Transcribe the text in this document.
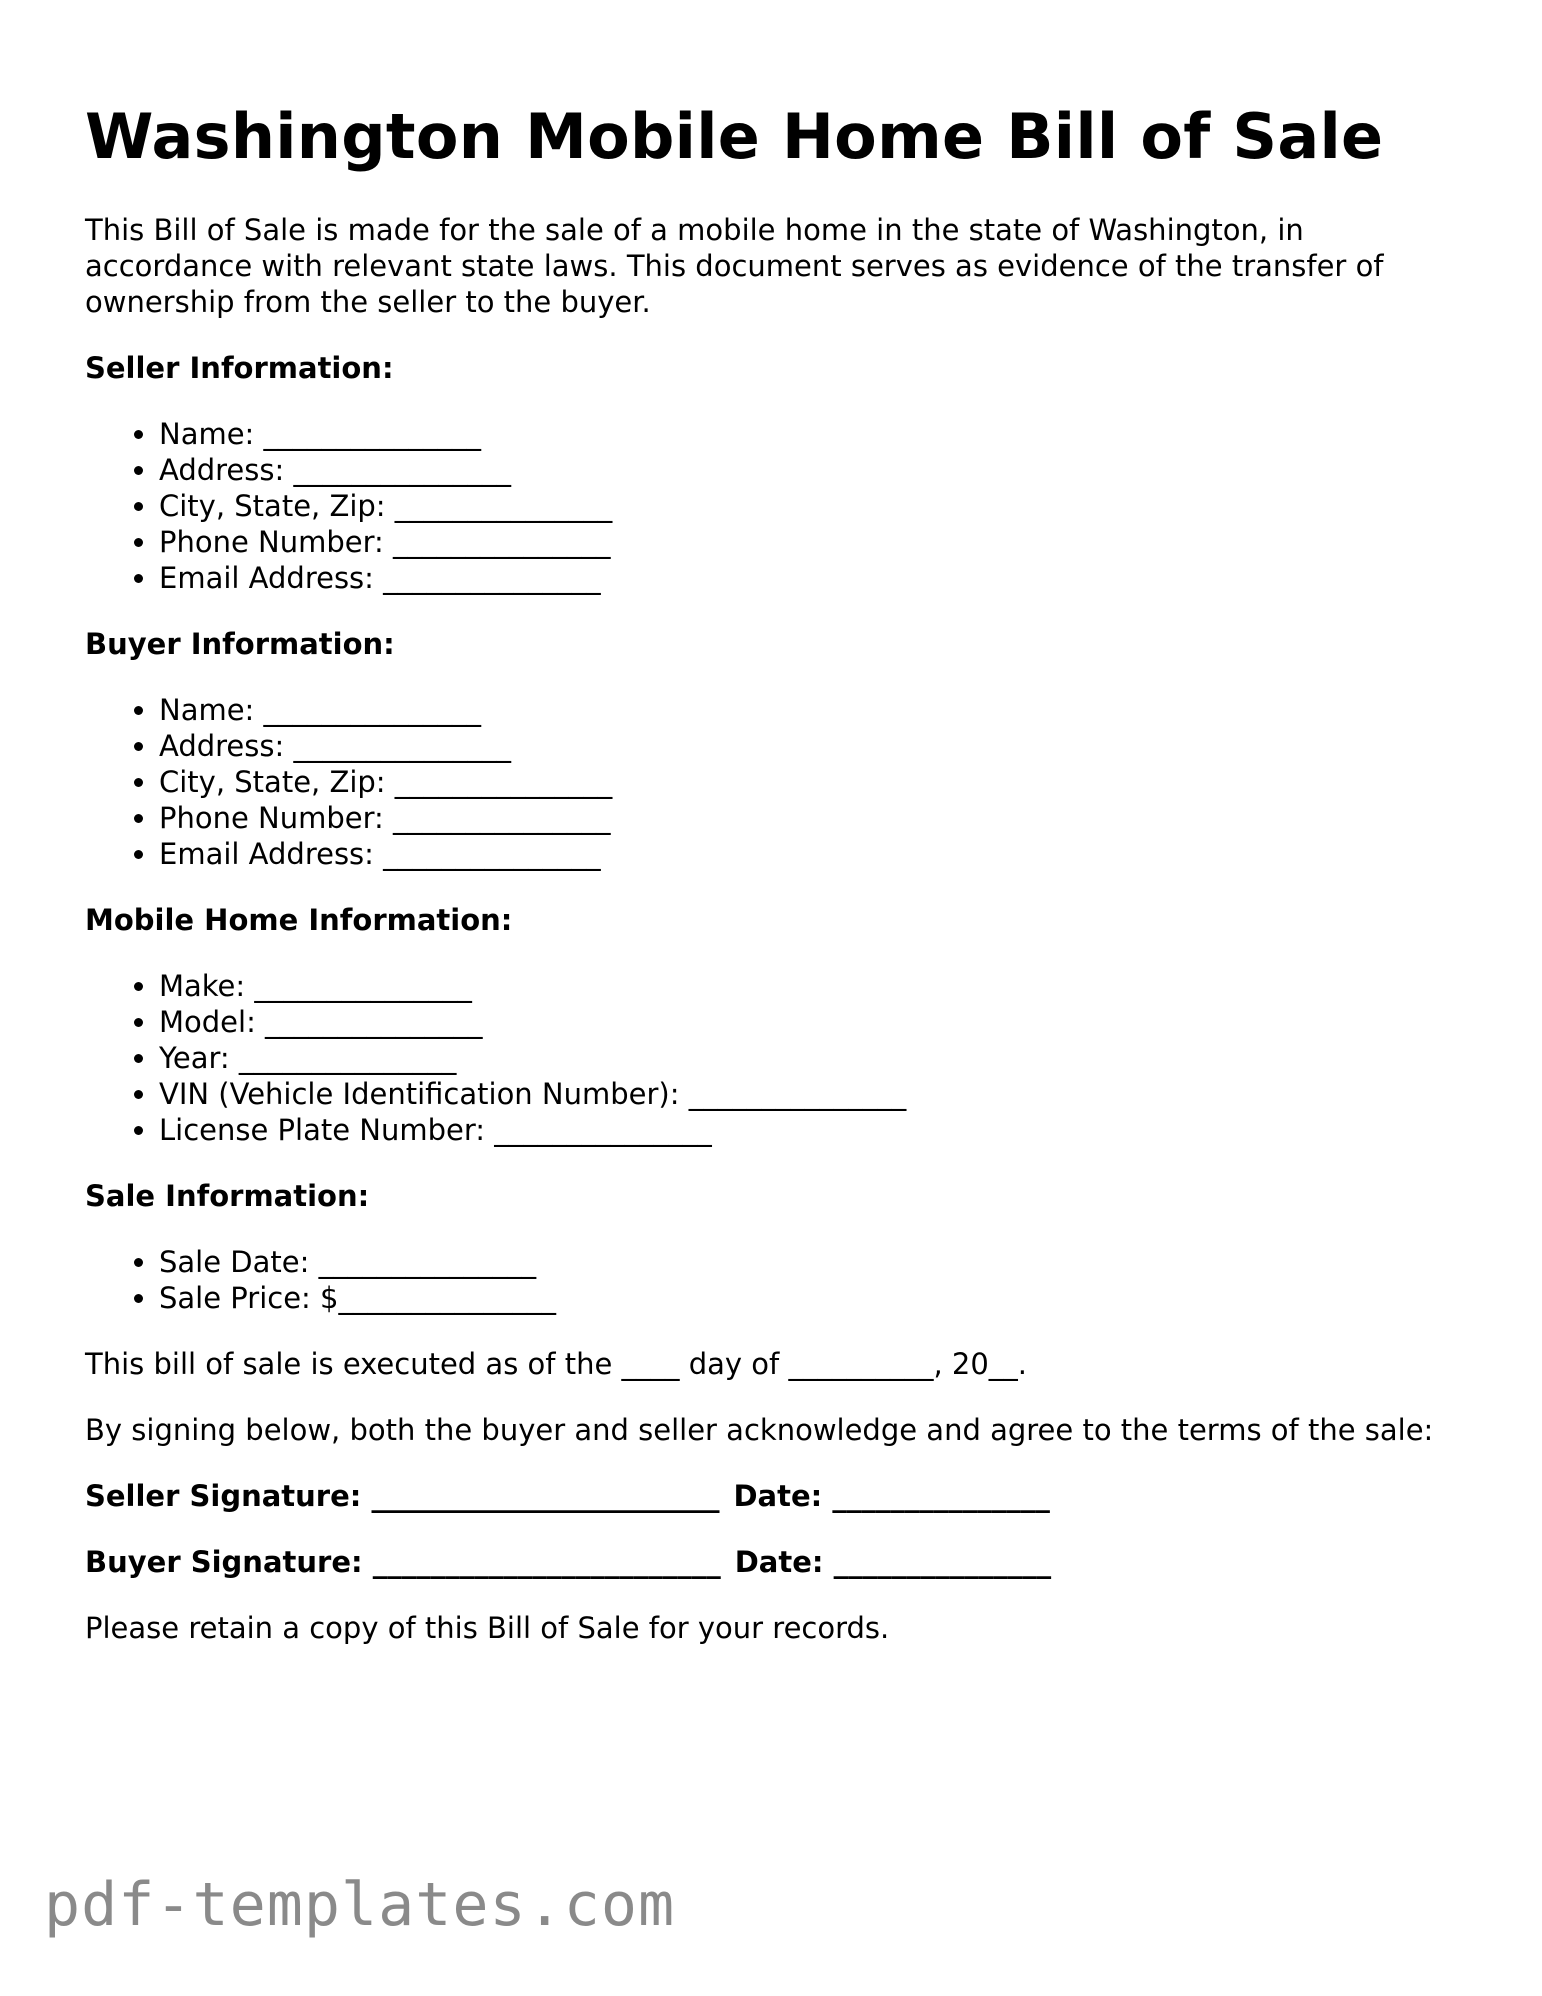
Washington Mobile Home Bill of Sale

This Bill of Sale is made for the sale of a mobile home in the state of Washington, in accordance with relevant state laws. This document serves as evidence of the transfer of ownership from the seller to the buyer.

Seller Information:
• Name: _______________
• Address: _______________
• City, State, Zip: _______________
• Phone Number: _______________
• Email Address: _______________
Buyer Information:
• Name: _______________
• Address: _______________
• City, State, Zip: _______________
• Phone Number: _______________
• Email Address: _______________
Mobile Home Information:
• Make: _______________
• Model: _______________
• Year: _______________
• VIN (Vehicle Identification Number): _______________
• License Plate Number: _______________
Sale Information:
• Sale Date: _______________
• Sale Price: $_______________

This bill of sale is executed as of the ____ day of __________, 20__.

By signing below, both the buyer and seller acknowledge and agree to the terms of the sale:

Seller Signature: ________________________ Date: _______________
Buyer Signature: ________________________ Date: _______________

Please retain a copy of this Bill of Sale for your records.

pdf-templates.com
